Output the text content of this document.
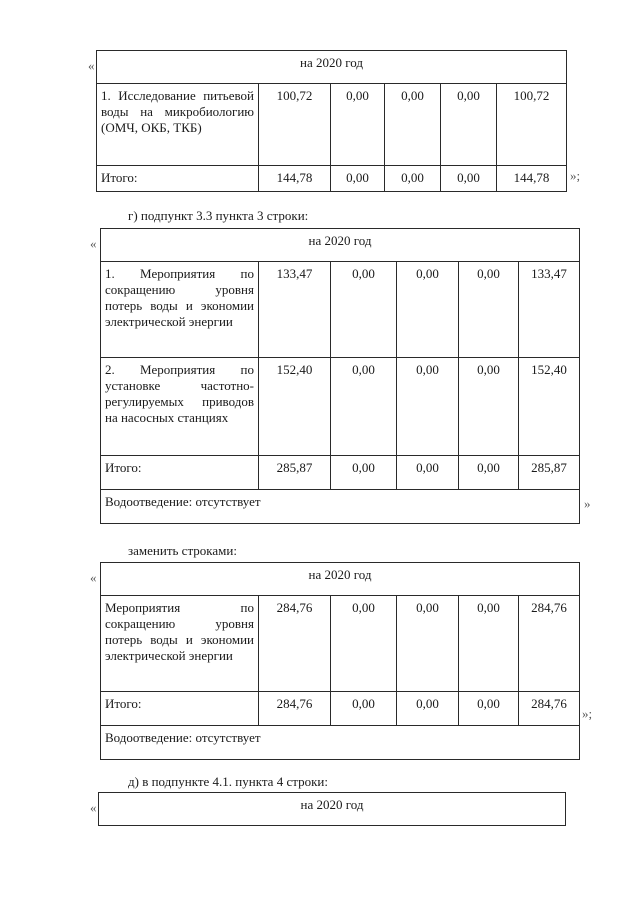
«	на 2020 год					
1. Исследование питьевой воды на микробиологию (ОМЧ, ОКБ, ТКБ)	100,72	0,00	0,00	0,00	100,72
Итого:	144,78	0,00	0,00	0,00	144,78 »;
г) подпункт 3.3 пункта 3 строки:
«	на 2020 год					
1. Мероприятия по сокращению уровня потерь воды и экономии электрической энергии	133,47	0,00	0,00	0,00	133,47
2. Мероприятия по установке частотно-регулируемых приводов на насосных станциях	152,40	0,00	0,00	0,00	152,40
Итого:	285,87	0,00	0,00	0,00	285,87
Водоотведение: отсутствует						»
заменить строками:
«	на 2020 год					
Мероприятия по сокращению уровня потерь воды и экономии электрической энергии	284,76	0,00	0,00	0,00	284,76
Итого:	284,76	0,00	0,00	0,00	284,76
Водоотведение: отсутствует					
»;
д) в подпункте 4.1. пункта 4 строки:
«	на 2020 год
